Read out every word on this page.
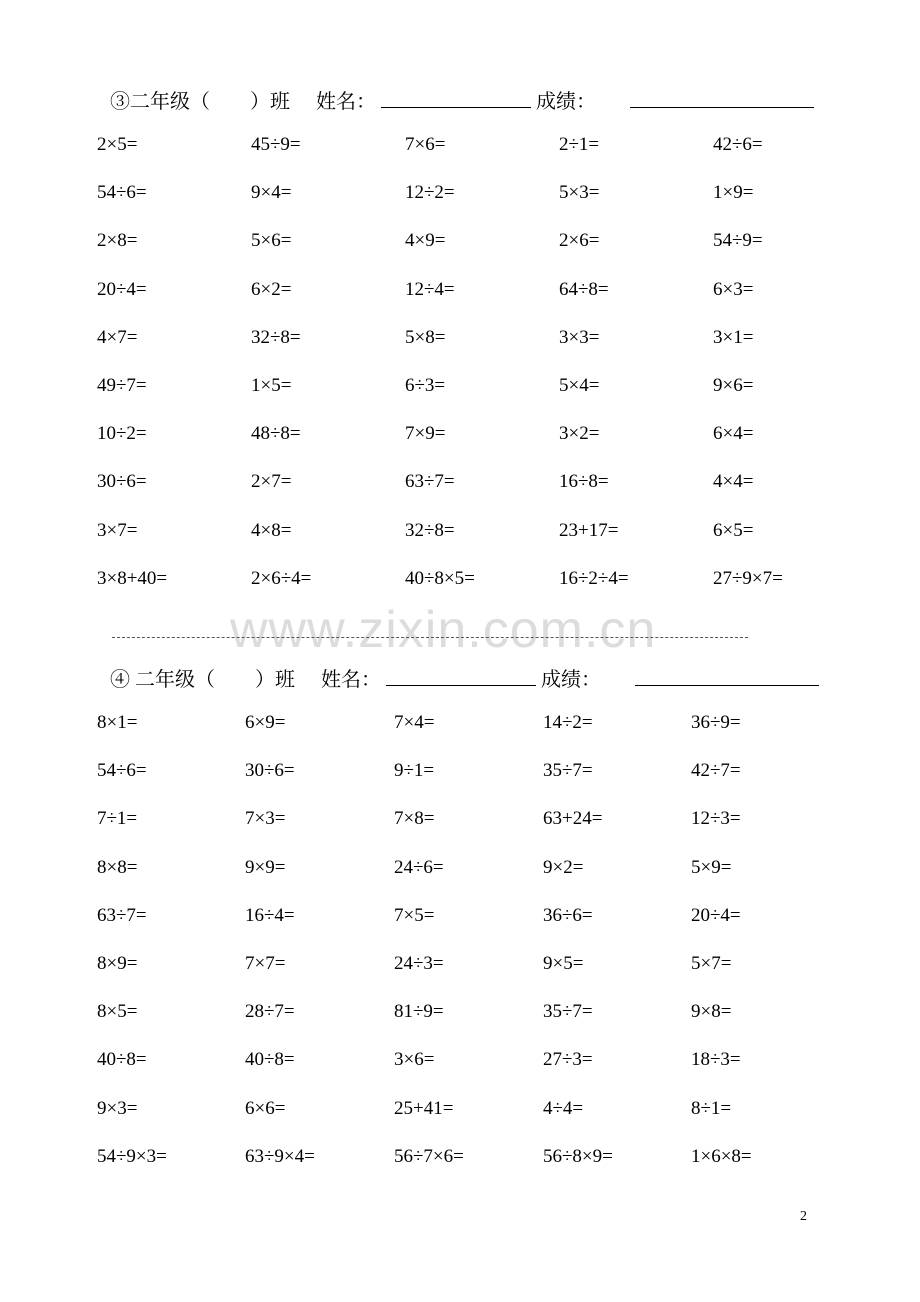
③二年级（　　）班 姓名：	成绩：
2×5=	45÷9=	7×6=	2÷1=	42÷6=
54÷6=	9×4=	12÷2=	5×3=	1×9=
2×8=	5×6=	4×9=	2×6=	54÷9=
20÷4=	6×2=	12÷4=	64÷8=	6×3=
4×7=	32÷8=	5×8=	3×3=	3×1=
49÷7=	1×5=	6÷3=	5×4=	9×6=
10÷2=	48÷8=	7×9=	3×2=	6×4=
30÷6=	2×7=	63÷7=	16÷8=	4×4=
3×7=	4×8=	32÷8=	23+17=	6×5=
3×8+40=	2×6÷4=	40÷8×5=	16÷2÷4=	27÷9×7=
www.zixin.com.cn
④ 二年级（　　）班 姓名：	成绩：
8×1=	6×9=	7×4=	14÷2=	36÷9=
54÷6=	30÷6=	9÷1=	35÷7=	42÷7=
7÷1=	7×3=	7×8=	63+24=	12÷3=
8×8=	9×9=	24÷6=	9×2=	5×9=
63÷7=	16÷4=	7×5=	36÷6=	20÷4=
8×9=	7×7=	24÷3=	9×5=	5×7=
8×5=	28÷7=	81÷9=	35÷7=	9×8=
40÷8=	40÷8=	3×6=	27÷3=	18÷3=
9×3=	6×6=	25+41=	4÷4=	8÷1=
54÷9×3=	63÷9×4=	56÷7×6=	56÷8×9=	1×6×8=
2
